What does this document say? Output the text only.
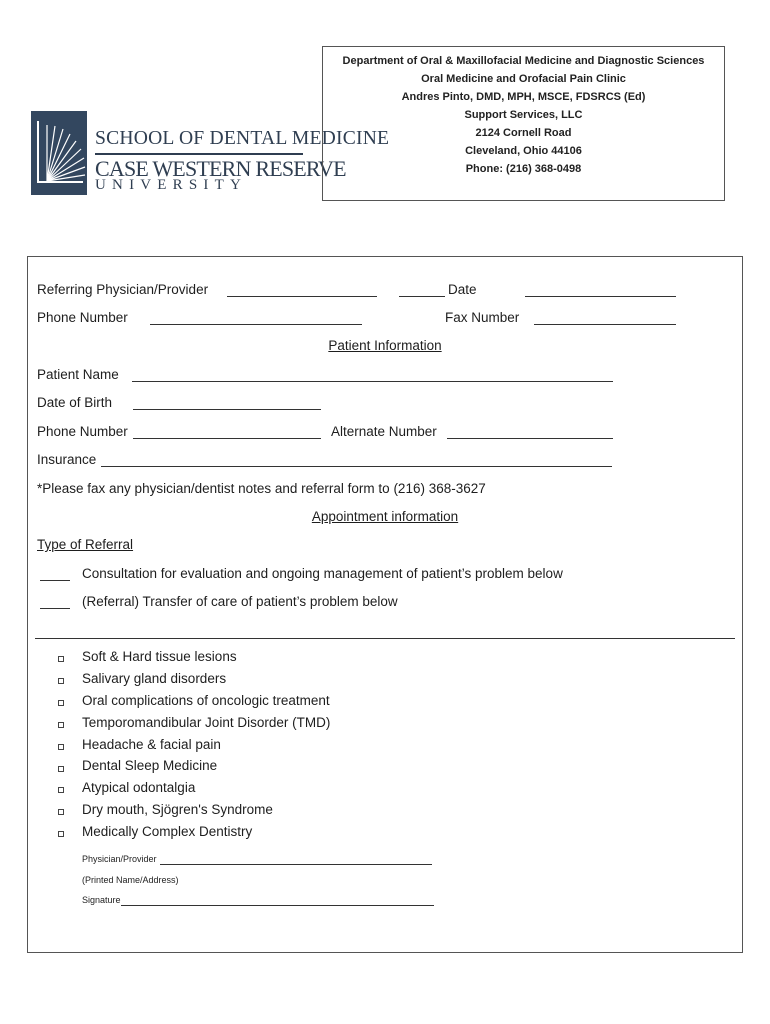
SCHOOL OF DENTAL MEDICINE
CASE WESTERN RESERVE
UNIVERSITY
Department of Oral & Maxillofacial Medicine and Diagnostic Sciences
Oral Medicine and Orofacial Pain Clinic
Andres Pinto, DMD, MPH, MSCE, FDSRCS (Ed)
Support Services, LLC
2124 Cornell Road
Cleveland, Ohio 44106
Phone: (216) 368-0498
Referring Physician/Provider	Date
Phone Number	Fax Number
Patient Information
Patient Name
Date of Birth
Phone Number	Alternate Number
Insurance
*Please fax any physician/dentist notes and referral form to (216) 368-3627
Appointment information
Type of Referral
Consultation for evaluation and ongoing management of patient’s problem below
(Referral) Transfer of care of patient’s problem below
Soft & Hard tissue lesions
Salivary gland disorders
Oral complications of oncologic treatment
Temporomandibular Joint Disorder (TMD)
Headache & facial pain
Dental Sleep Medicine
Atypical odontalgia
Dry mouth, Sjögren's Syndrome
Medically Complex Dentistry
Physician/Provider
(Printed Name/Address)
Signature
